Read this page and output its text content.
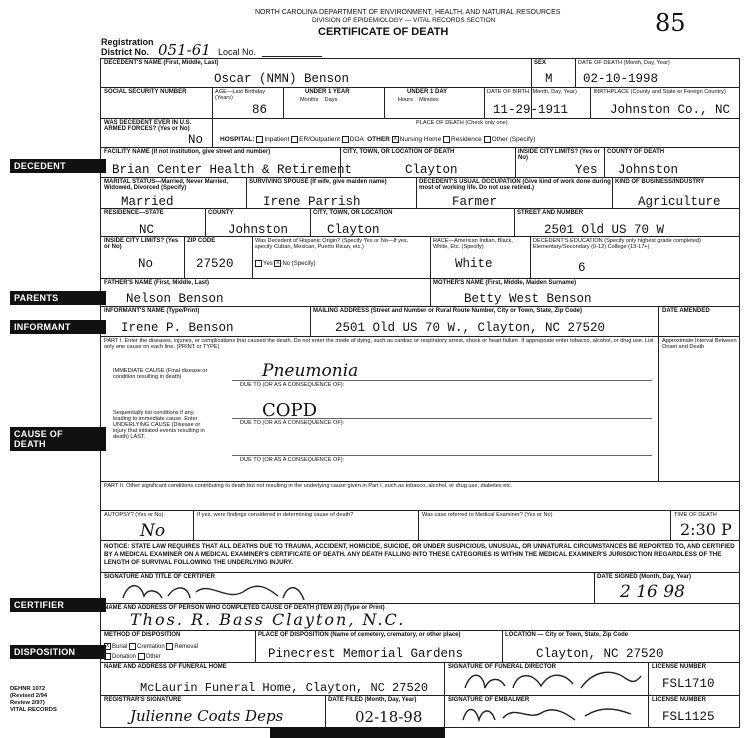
NORTH CAROLINA DEPARTMENT OF ENVIRONMENT, HEALTH, AND NATURAL RESOURCES
DIVISION OF EPIDEMIOLOGY — VITAL RECORDS SECTION
CERTIFICATE OF DEATH	85
Registration
District No. 051-61 Local No.
DECEDENT
PARENTS
INFORMANT
CAUSE OF
DEATH
CERTIFIER
DISPOSITION
DEHNR 1072
(Revised 2/94
Review 2/97)
VITAL RECORDS
DECEDENT'S NAME (First, Middle, Last)
Oscar (NMN) Benson
SEX
M
DATE OF DEATH (Month, Day, Year)
02-10-1998
SOCIAL SECURITY NUMBER	AGE—Last Birthday (Years)
86
UNDER 1 YEAR
Months    Days
UNDER 1 DAY
Hours    Minutes
DATE OF BIRTH (Month, Day, Year)
11-29-1911
BIRTHPLACE (County and State or Foreign Country)
Johnston Co., NC
WAS DECEDENT EVER IN U.S. ARMED FORCES? (Yes or No)
No
PLACE OF DEATH (Check only one)
HOSPITAL: Inpatient ER/Outpatient DOA OTHER X Nursing Home Residence Other (Specify)
FACILITY NAME (If not institution, give street and number)
Brian Center Health & Retirement
CITY, TOWN, OR LOCATION OF DEATH
Clayton
INSIDE CITY LIMITS? (Yes or No)
Yes
COUNTY OF DEATH
Johnston
MARITAL STATUS—Married, Never Married, Widowed, Divorced (Specify)
Married
SURVIVING SPOUSE (If wife, give maiden name)
Irene Parrish
DECEDENT'S USUAL OCCUPATION (Give kind of work done during most of working life. Do not use retired.)
Farmer
KIND OF BUSINESS/INDUSTRY
Agriculture
RESIDENCE—STATE
NC
COUNTY
Johnston
CITY, TOWN, OR LOCATION
Clayton
STREET AND NUMBER
2501 Old US 70 W
INSIDE CITY LIMITS? (Yes or No)
No
ZIP CODE
27520
Was Decedent of Hispanic Origin? (Specify Yes or No—If yes, specify Cuban, Mexican, Puerto Rican, etc.)
Yes X No (Specify)
RACE—American Indian, Black, White, Etc. (Specify)
White
DECEDENT'S EDUCATION (Specify only highest grade completed) Elementary/Secondary (0-12) College (13-17+)
6
FATHER'S NAME (First, Middle, Last)
Nelson Benson
MOTHER'S NAME (First, Middle, Maiden Surname)
Betty West Benson
INFORMANT'S NAME (Type/Print)
Irene P. Benson
MAILING ADDRESS (Street and Number or Rural Route Number, City or Town, State, Zip Code)
2501 Old US 70 W., Clayton, NC 27520
DATE AMENDED
PART I. Enter the diseases, injuries, or complications that caused the death. Do not enter the mode of dying, such as cardiac or respiratory arrest, shock or heart failure. If appropriate enter tobacco, alcohol, or drug use. List only one cause on each line. (PRINT or TYPE)
Approximate Interval Between Onset and Death
IMMEDIATE CAUSE (Final disease or condition resulting in death)
Sequentially list conditions if any, leading to immediate cause. Enter UNDERLYING CAUSE (Disease or injury that initiated events resulting in death) LAST.
Pneumonia
DUE TO (OR AS A CONSEQUENCE OF):
COPD
DUE TO (OR AS A CONSEQUENCE OF):
DUE TO (OR AS A CONSEQUENCE OF):
PART II. Other significant conditions contributing to death but not resulting in the underlying cause given in Part I, such as tobacco, alcohol, or drug use, diabetes etc.
AUTOPSY? (Yes or No)
No
If yes, were findings considered in determining cause of death?	Was case referred to Medical Examiner? (Yes or No)	TIME OF DEATH
2:30 P
NOTICE: STATE LAW REQUIRES THAT ALL DEATHS DUE TO TRAUMA, ACCIDENT, HOMICIDE, SUICIDE, OR UNDER SUSPICIOUS, UNUSUAL, OR UNNATURAL CIRCUMSTANCES BE REPORTED TO, AND CERTIFIED BY A MEDICAL EXAMINER ON A MEDICAL EXAMINER'S CERTIFICATE OF DEATH. ANY DEATH FALLING INTO THESE CATEGORIES IS WITHIN THE MEDICAL EXAMINER'S JURISDICTION REGARDLESS OF THE LENGTH OF SURVIVAL FOLLOWING THE UNDERLYING INJURY.
SIGNATURE AND TITLE OF CERTIFIER	DATE SIGNED (Month, Day, Year)
2 16 98
NAME AND ADDRESS OF PERSON WHO COMPLETED CAUSE OF DEATH (ITEM 20) (Type or Print)
Thos. R. Bass Clayton, N.C.
METHOD OF DISPOSITION
X Burial Cremation Removal
Donation Other
PLACE OF DISPOSITION (Name of cemetery, crematory, or other place)
Pinecrest Memorial Gardens
LOCATION — City or Town, State, Zip Code
Clayton, NC 27520
NAME AND ADDRESS OF FUNERAL HOME
McLaurin Funeral Home, Clayton, NC 27520
SIGNATURE OF FUNERAL DIRECTOR	LICENSE NUMBER
FSL1710
REGISTRAR'S SIGNATURE
Julienne Coats Deps
DATE FILED (Month, Day, Year)
02-18-98
SIGNATURE OF EMBALMER	LICENSE NUMBER
FSL1125
